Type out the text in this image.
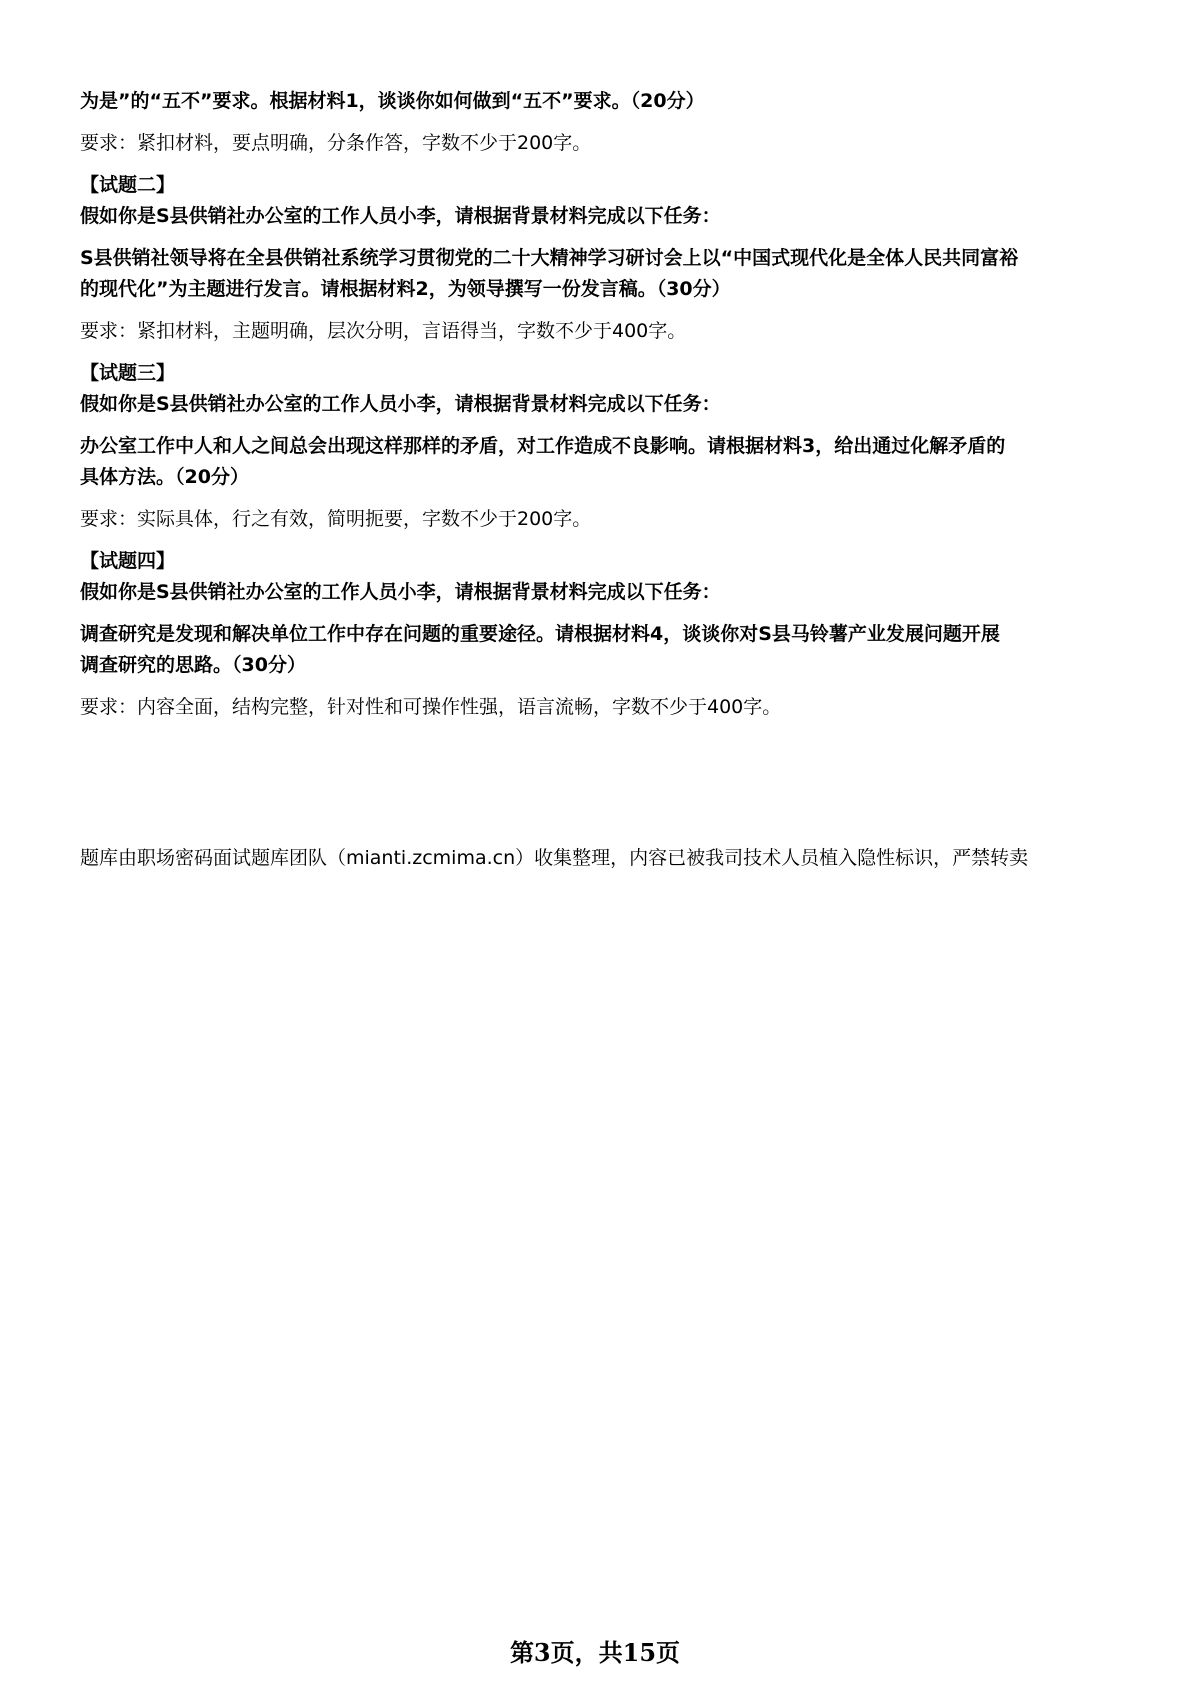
为是”的“五不”要求。根据材料1，谈谈你如何做到“五不”要求。（20分）

要求：紧扣材料，要点明确，分条作答，字数不少于200字。

【试题二】

假如你是S县供销社办公室的工作人员小李，请根据背景材料完成以下任务：

S县供销社领导将在全县供销社系统学习贯彻党的二十大精神学习研讨会上以“中国式现代化是全体人民共同富裕
的现代化”为主题进行发言。请根据材料2，为领导撰写一份发言稿。（30分）

要求：紧扣材料，主题明确，层次分明，言语得当，字数不少于400字。

【试题三】

假如你是S县供销社办公室的工作人员小李，请根据背景材料完成以下任务：

办公室工作中人和人之间总会出现这样那样的矛盾，对工作造成不良影响。请根据材料3，给出通过化解矛盾的
具体方法。（20分）

要求：实际具体，行之有效，简明扼要，字数不少于200字。

【试题四】

假如你是S县供销社办公室的工作人员小李，请根据背景材料完成以下任务：

调查研究是发现和解决单位工作中存在问题的重要途径。请根据材料4，谈谈你对S县马铃薯产业发展问题开展
调查研究的思路。（30分）

要求：内容全面，结构完整，针对性和可操作性强，语言流畅，字数不少于400字。

题库由职场密码面试题库团队（mianti.zcmima.cn）收集整理，内容已被我司技术人员植入隐性标识，严禁转卖
第3页，共15页
